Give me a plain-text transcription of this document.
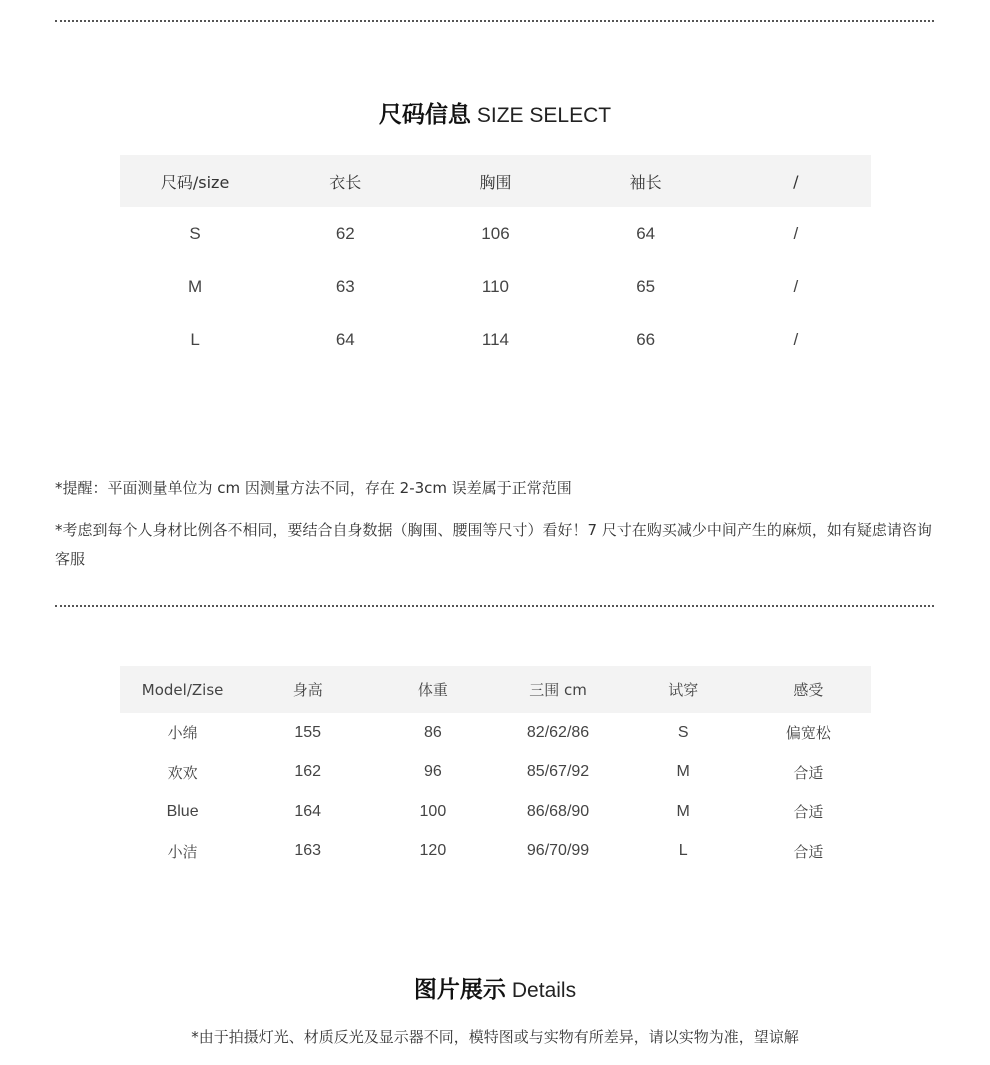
尺码信息 SIZE SELECT
尺码/size	衣长	胸围	袖长	/
S	62	106	64	/
M	63	110	65	/
L	64	114	66	/
*提醒：平面测量单位为 cm 因测量方法不同，存在 2-3cm 误差属于正常范围
*考虑到每个人身材比例各不相同，要结合自身数据（胸围、腰围等尺寸）看好！7 尺寸在购买减少中间产生的麻烦，如有疑虑请咨询客服
Model/Zise	身高	体重	三围 cm	试穿	感受
小绵	155	86	82/62/86	S	偏宽松
欢欢	162	96	85/67/92	M	合适
Blue	164	100	86/68/90	M	合适
小洁	163	120	96/70/99	L	合适
图片展示 Details
*由于拍摄灯光、材质反光及显示器不同，模特图或与实物有所差异，请以实物为准，望谅解
